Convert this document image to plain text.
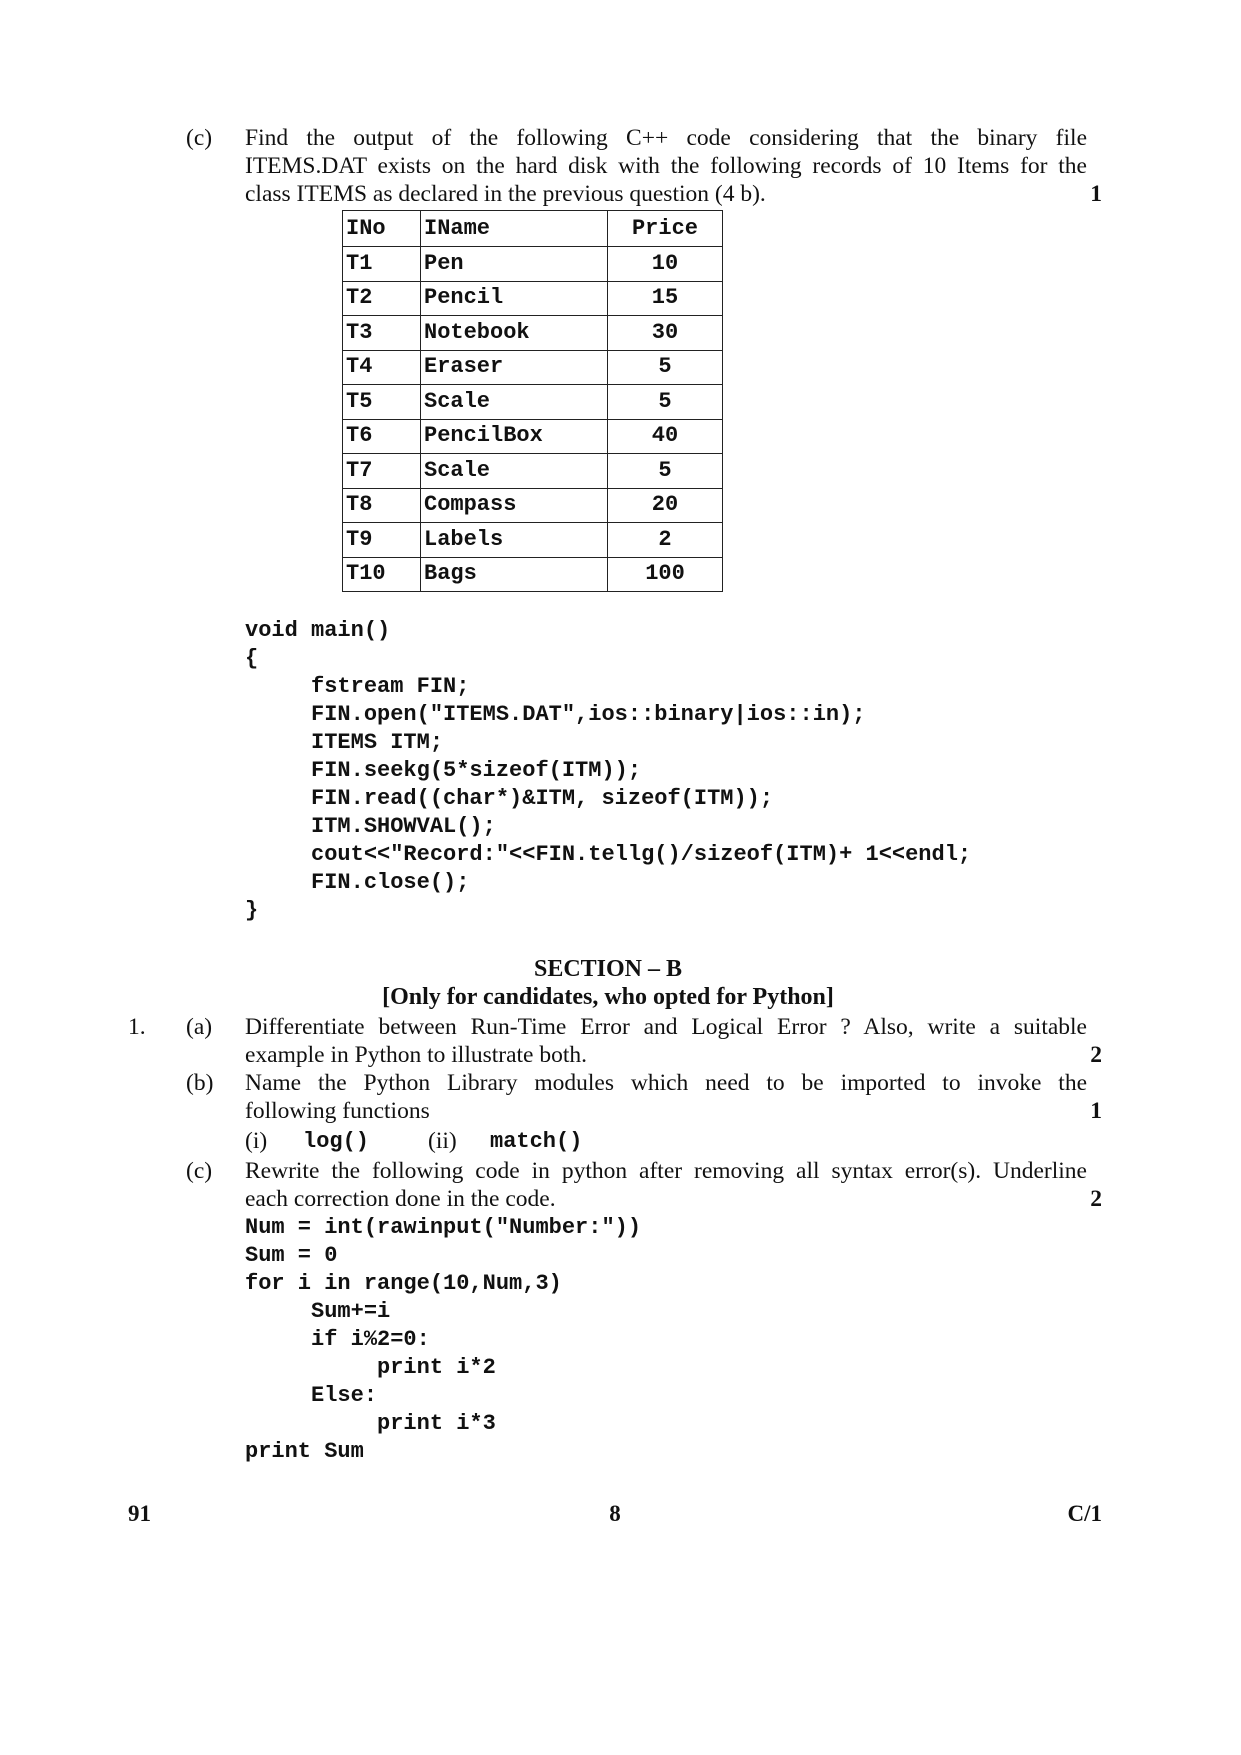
(c) Find the output of the following C++ code considering that the binary file
ITEMS.DAT exists on the hard disk with the following records of 10 Items for the
class ITEMS as declared in the previous question (4 b).	1
INo	IName	Price
T1	Pen	10
T2	Pencil	15
T3	Notebook	30
T4	Eraser	5
T5	Scale	5
T6	PencilBox	40
T7	Scale	5
T8	Compass	20
T9	Labels	2
T10	Bags	100
void main()
{
fstream FIN;
FIN.open("ITEMS.DAT",ios::binary|ios::in);
ITEMS ITM;
FIN.seekg(5*sizeof(ITM));
FIN.read((char*)&ITM, sizeof(ITM));
ITM.SHOWVAL();
cout<<"Record:"<<FIN.tellg()/sizeof(ITM)+ 1<<endl;
FIN.close();
}
SECTION – B
[Only for candidates, who opted for Python]
1. (a) Differentiate between Run-Time Error and Logical Error ? Also, write a suitable
example in Python to illustrate both.	2
(b) Name the Python Library modules which need to be imported to invoke the
following functions	1
(i) log()	(ii) match()
(c) Rewrite the following code in python after removing all syntax error(s). Underline
each correction done in the code.	2
Num = int(rawinput("Number:"))
Sum = 0
for i in range(10,Num,3)
Sum+=i
if i%2=0:
print i*2
Else:
print i*3
print Sum
91	8	C/1
